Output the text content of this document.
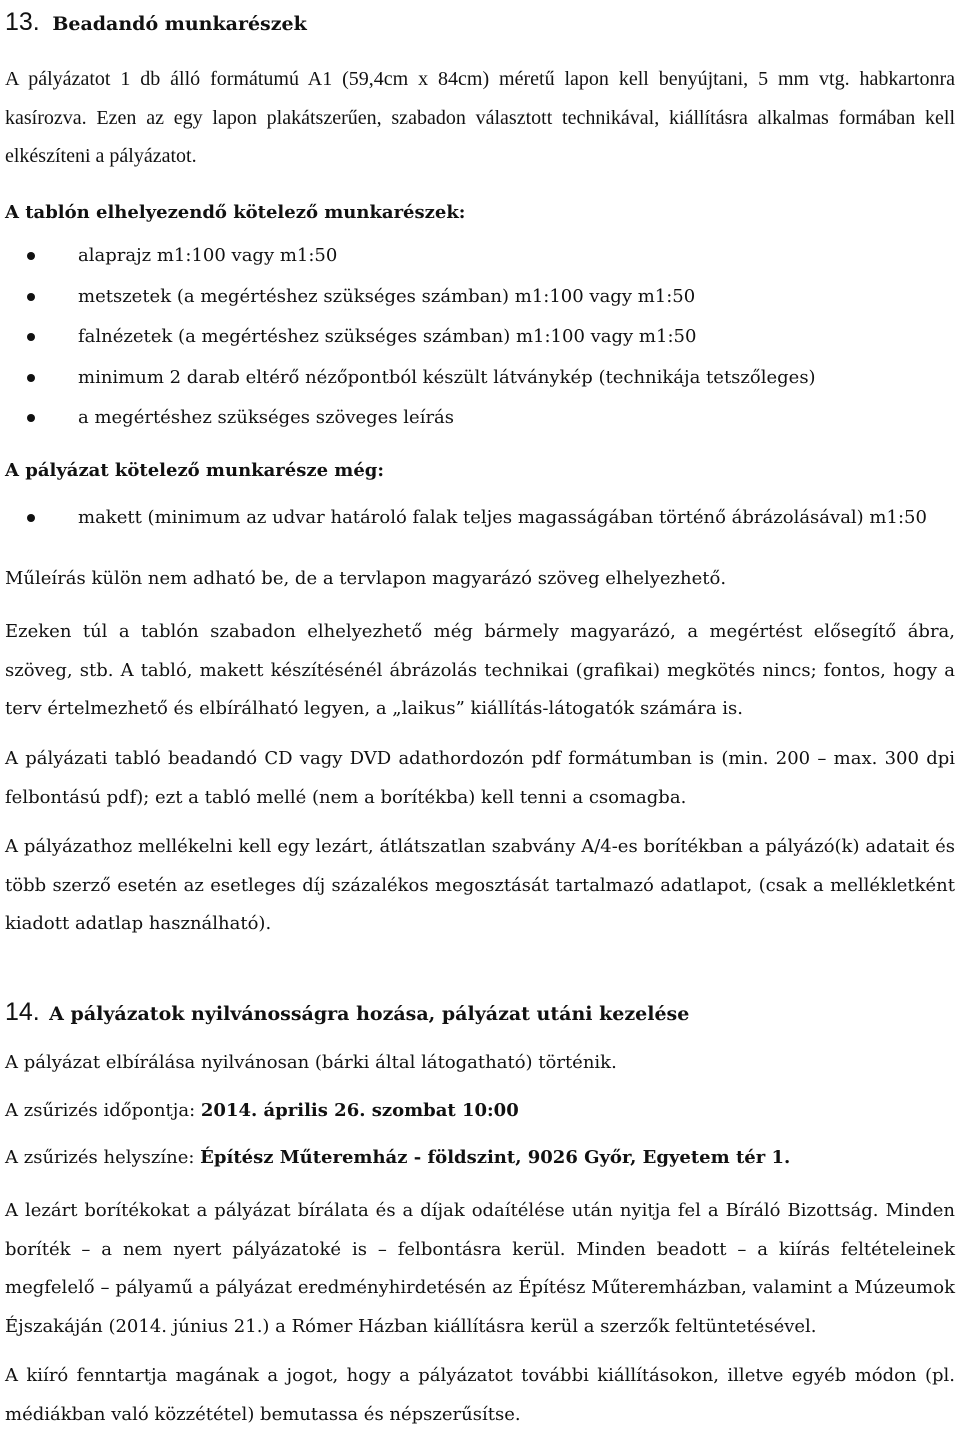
13. Beadandó munkarészek

A pályázatot 1 db álló formátumú A1 (59,4cm x 84cm) méretű lapon kell benyújtani, 5 mm vtg. habkartonra kasírozva. Ezen az egy lapon plakátszerűen, szabadon választott technikával, kiállításra alkalmas formában kell elkészíteni a pályázatot.

A tablón elhelyezendő kötelező munkarészek:

alaprajz m1:100 vagy m1:50
metszetek (a megértéshez szükséges számban) m1:100 vagy m1:50
falnézetek (a megértéshez szükséges számban) m1:100 vagy m1:50
minimum 2 darab eltérő nézőpontból készült látványkép (technikája tetszőleges)
a megértéshez szükséges szöveges leírás

A pályázat kötelező munkarésze még:

makett (minimum az udvar határoló falak teljes magasságában történő ábrázolásával) m1:50

Műleírás külön nem adható be, de a tervlapon magyarázó szöveg elhelyezhető.

Ezeken túl a tablón szabadon elhelyezhető még bármely magyarázó, a megértést elősegítő ábra, szöveg, stb. A tabló, makett készítésénél ábrázolás technikai (grafikai) megkötés nincs; fontos, hogy a terv értelmezhető és elbírálható legyen, a „laikus” kiállítás-látogatók számára is.

A pályázati tabló beadandó CD vagy DVD adathordozón pdf formátumban is (min. 200 – max. 300 dpi felbontású pdf); ezt a tabló mellé (nem a borítékba) kell tenni a csomagba.

A pályázathoz mellékelni kell egy lezárt, átlátszatlan szabvány A/4-es borítékban a pályázó(k) adatait és több szerző esetén az esetleges díj százalékos megosztását tartalmazó adatlapot, (csak a mellékletként kiadott adatlap használható).

14. A pályázatok nyilvánosságra hozása, pályázat utáni kezelése

A pályázat elbírálása nyilvánosan (bárki által látogatható) történik.

A zsűrizés időpontja: 2014. április 26. szombat 10:00

A zsűrizés helyszíne: Építész Műteremház - földszint, 9026 Győr, Egyetem tér 1.

A lezárt borítékokat a pályázat bírálata és a díjak odaítélése után nyitja fel a Bíráló Bizottság. Minden boríték – a nem nyert pályázatoké is – felbontásra kerül. Minden beadott – a kiírás feltételeinek megfelelő – pályamű a pályázat eredményhirdetésén az Építész Műteremházban, valamint a Múzeumok Éjszakáján (2014. június 21.) a Rómer Házban kiállításra kerül a szerzők feltüntetésével.

A kiíró fenntartja magának a jogot, hogy a pályázatot további kiállításokon, illetve egyéb módon (pl. médiákban való közzététel) bemutassa és népszerűsítse.
